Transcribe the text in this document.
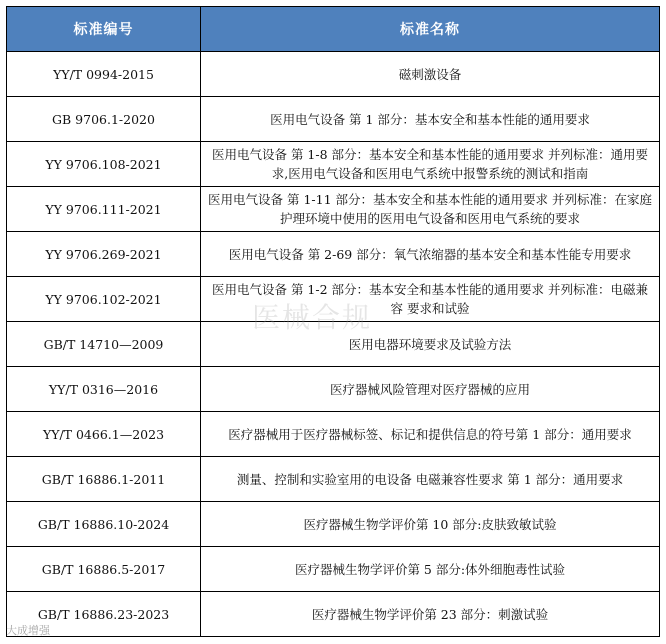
标准编号	标准名称
YY/T 0994-2015	磁刺激设备
GB 9706.1-2020	医用电气设备 第 1 部分：基本安全和基本性能的通用要求
YY 9706.108-2021	医用电气设备 第 1-8 部分：基本安全和基本性能的通用要求 并列标准：通用要求,医用电气设备和医用电气系统中报警系统的测试和指南
YY 9706.111-2021	医用电气设备 第 1-11 部分：基本安全和基本性能的通用要求 并列标准：在家庭护理环境中使用的医用电气设备和医用电气系统的要求
YY 9706.269-2021	医用电气设备 第 2-69 部分：氧气浓缩器的基本安全和基本性能专用要求
YY 9706.102-2021	医用电气设备 第 1-2 部分：基本安全和基本性能的通用要求 并列标准：电磁兼容 要求和试验
GB/T 14710—2009	医用电器环境要求及试验方法
YY/T 0316—2016	医疗器械风险管理对医疗器械的应用
YY/T 0466.1—2023	医疗器械用于医疗器械标签、标记和提供信息的符号第 1 部分：通用要求
GB/T 16886.1-2011	测量、控制和实验室用的电设备 电磁兼容性要求 第 1 部分：通用要求
GB/T 16886.10-2024	医疗器械生物学评价第 10 部分:皮肤致敏试验
GB/T 16886.5-2017	医疗器械生物学评价第 5 部分:体外细胞毒性试验
GB/T 16886.23-2023	医疗器械生物学评价第 23 部分：刺激试验
医械合规
大成增强
